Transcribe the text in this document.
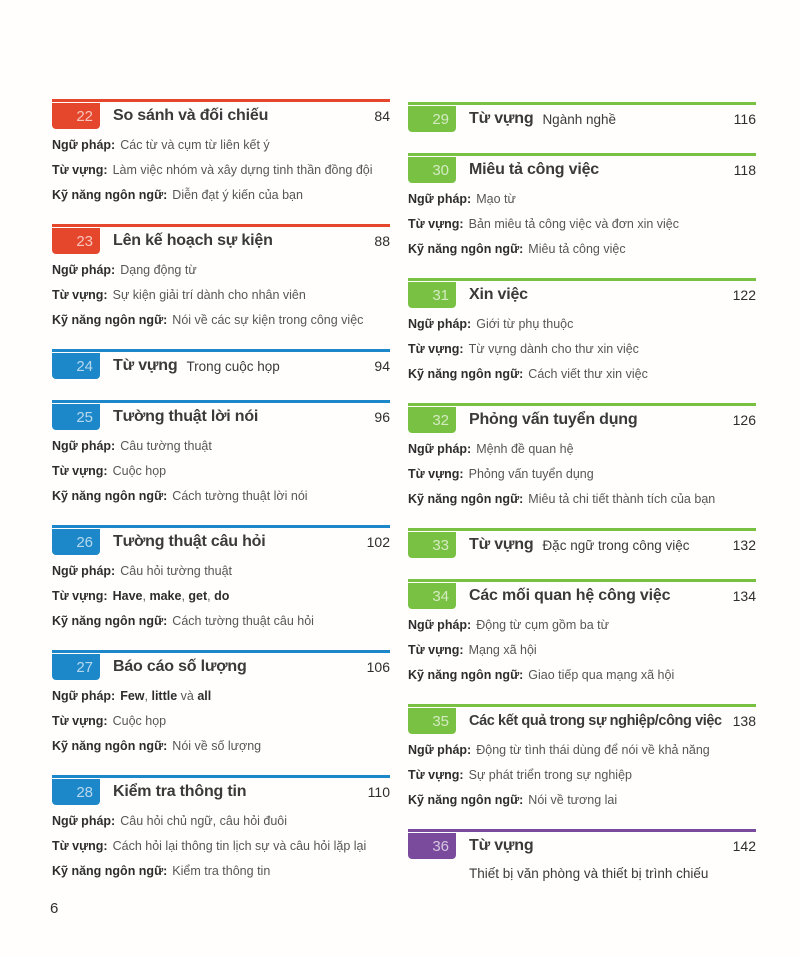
22 So sánh và đối chiếu	84
Ngữ pháp: Các từ và cụm từ liên kết ý
Từ vựng: Làm việc nhóm và xây dựng tinh thần đồng đội
Kỹ năng ngôn ngữ: Diễn đạt ý kiến của bạn
23 Lên kế hoạch sự kiện	88
Ngữ pháp: Dạng động từ
Từ vựng: Sự kiện giải trí dành cho nhân viên
Kỹ năng ngôn ngữ: Nói về các sự kiện trong công việc
24 Từ vựng Trong cuộc họp	94
25 Tường thuật lời nói	96
Ngữ pháp: Câu tường thuật
Từ vựng: Cuộc họp
Kỹ năng ngôn ngữ: Cách tường thuật lời nói
26 Tường thuật câu hỏi	102
Ngữ pháp: Câu hỏi tường thuật
Từ vựng: Have, make, get, do
Kỹ năng ngôn ngữ: Cách tường thuật câu hỏi
27 Báo cáo số lượng	106
Ngữ pháp: Few, little và all
Từ vựng: Cuộc họp
Kỹ năng ngôn ngữ: Nói về số lượng
28 Kiểm tra thông tin	110
Ngữ pháp: Câu hỏi chủ ngữ, câu hỏi đuôi
Từ vựng: Cách hỏi lại thông tin lịch sự và câu hỏi lặp lại
Kỹ năng ngôn ngữ: Kiểm tra thông tin
29 Từ vựng Ngành nghề	116
30 Miêu tả công việc	118
Ngữ pháp: Mạo từ
Từ vựng: Bản miêu tả công việc và đơn xin việc
Kỹ năng ngôn ngữ: Miêu tả công việc
31 Xin việc	122
Ngữ pháp: Giới từ phụ thuộc
Từ vựng: Từ vựng dành cho thư xin việc
Kỹ năng ngôn ngữ: Cách viết thư xin việc
32 Phỏng vấn tuyển dụng	126
Ngữ pháp: Mệnh đề quan hệ
Từ vựng: Phỏng vấn tuyển dụng
Kỹ năng ngôn ngữ: Miêu tả chi tiết thành tích của bạn
33 Từ vựng Đặc ngữ trong công việc	132
34 Các mối quan hệ công việc	134
Ngữ pháp: Động từ cụm gồm ba từ
Từ vựng: Mạng xã hội
Kỹ năng ngôn ngữ: Giao tiếp qua mạng xã hội
35 Các kết quả trong sự nghiệp/công việc 138
Ngữ pháp: Động từ tình thái dùng để nói về khả năng
Từ vựng: Sự phát triển trong sự nghiệp
Kỹ năng ngôn ngữ: Nói về tương lai
36 Từ vựng	142
Thiết bị văn phòng và thiết bị trình chiếu
6
